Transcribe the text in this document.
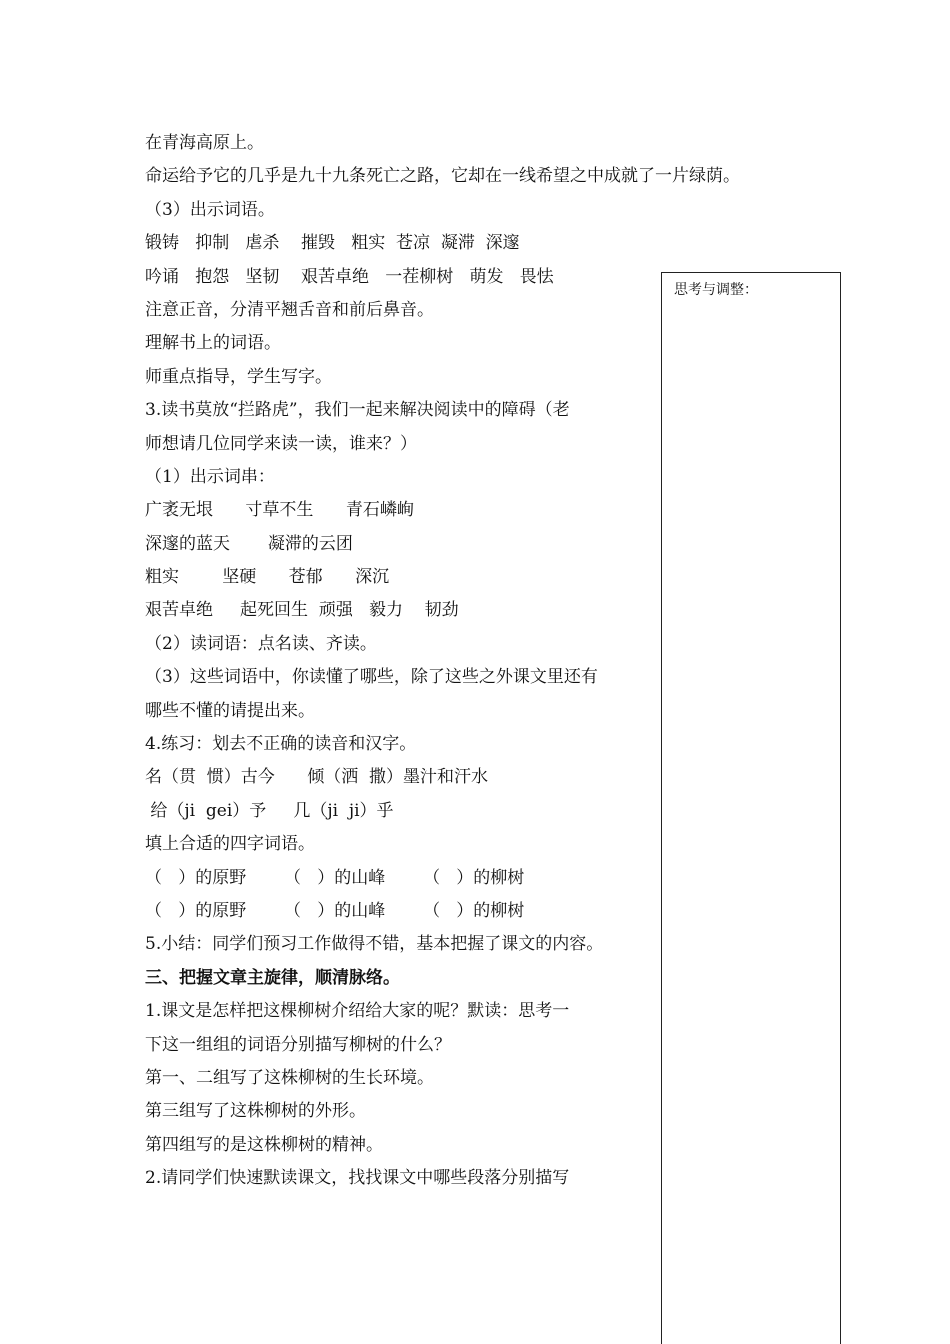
在青海高原上。
命运给予它的几乎是九十九条死亡之路，它却在一线希望之中成就了一片绿荫。
（3）出示词语。
锻铸   抑制   虐杀    摧毁   粗实  苍凉  凝滞  深邃
吟诵   抱怨   坚韧    艰苦卓绝   一茬柳树   萌发   畏怯
注意正音，分清平翘舌音和前后鼻音。
理解书上的词语。
师重点指导，学生写字。
3.读书莫放“拦路虎”，我们一起来解决阅读中的障碍（老
师想请几位同学来读一读，谁来？）
（1）出示词串：
广袤无垠      寸草不生      青石嶙峋
深邃的蓝天       凝滞的云团
粗实        坚硬      苍郁      深沉
艰苦卓绝     起死回生  顽强   毅力    韧劲
（2）读词语：点名读、齐读。
（3）这些词语中，你读懂了哪些，除了这些之外课文里还有
哪些不懂的请提出来。
4.练习：划去不正确的读音和汉字。
名（贯  惯）古今      倾（洒  撒）墨汁和汗水
给（ji  gei）予     几（ji  ji）乎
填上合适的四字词语。
（   ）的原野       （   ）的山峰       （   ）的柳树
（   ）的原野       （   ）的山峰       （   ）的柳树
5.小结：同学们预习工作做得不错，基本把握了课文的内容。
三、把握文章主旋律，顺清脉络。
1.课文是怎样把这棵柳树介绍给大家的呢？默读：思考一
下这一组组的词语分别描写柳树的什么？
第一、二组写了这株柳树的生长环境。
第三组写了这株柳树的外形。
第四组写的是这株柳树的精神。
2.请同学们快速默读课文，找找课文中哪些段落分别描写
思考与调整：
